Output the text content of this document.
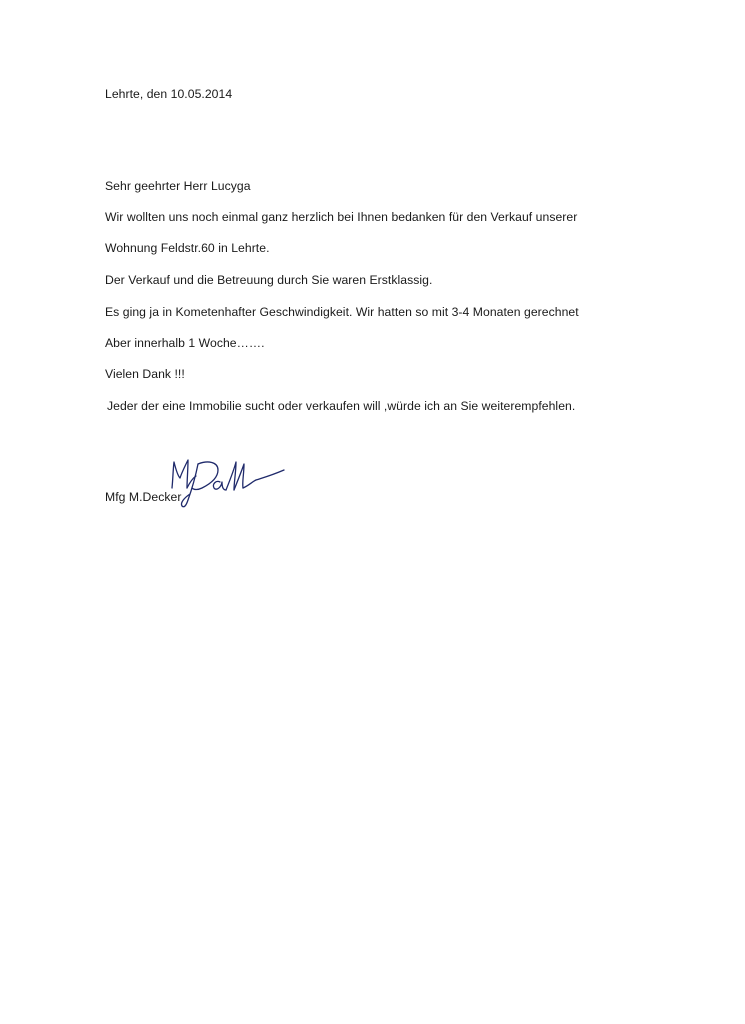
Lehrte, den 10.05.2014
Sehr geehrter Herr Lucyga
Wir wollten uns noch einmal ganz herzlich bei Ihnen bedanken für den Verkauf unserer
Wohnung Feldstr.60 in Lehrte.
Der Verkauf und die Betreuung durch Sie waren Erstklassig.
Es ging ja in Kometenhafter Geschwindigkeit. Wir hatten so mit 3-4 Monaten gerechnet
Aber innerhalb 1 Woche…….
Vielen Dank !!!
Jeder der eine Immobilie sucht oder verkaufen will ,würde ich an Sie weiterempfehlen.
Mfg M.Decker
